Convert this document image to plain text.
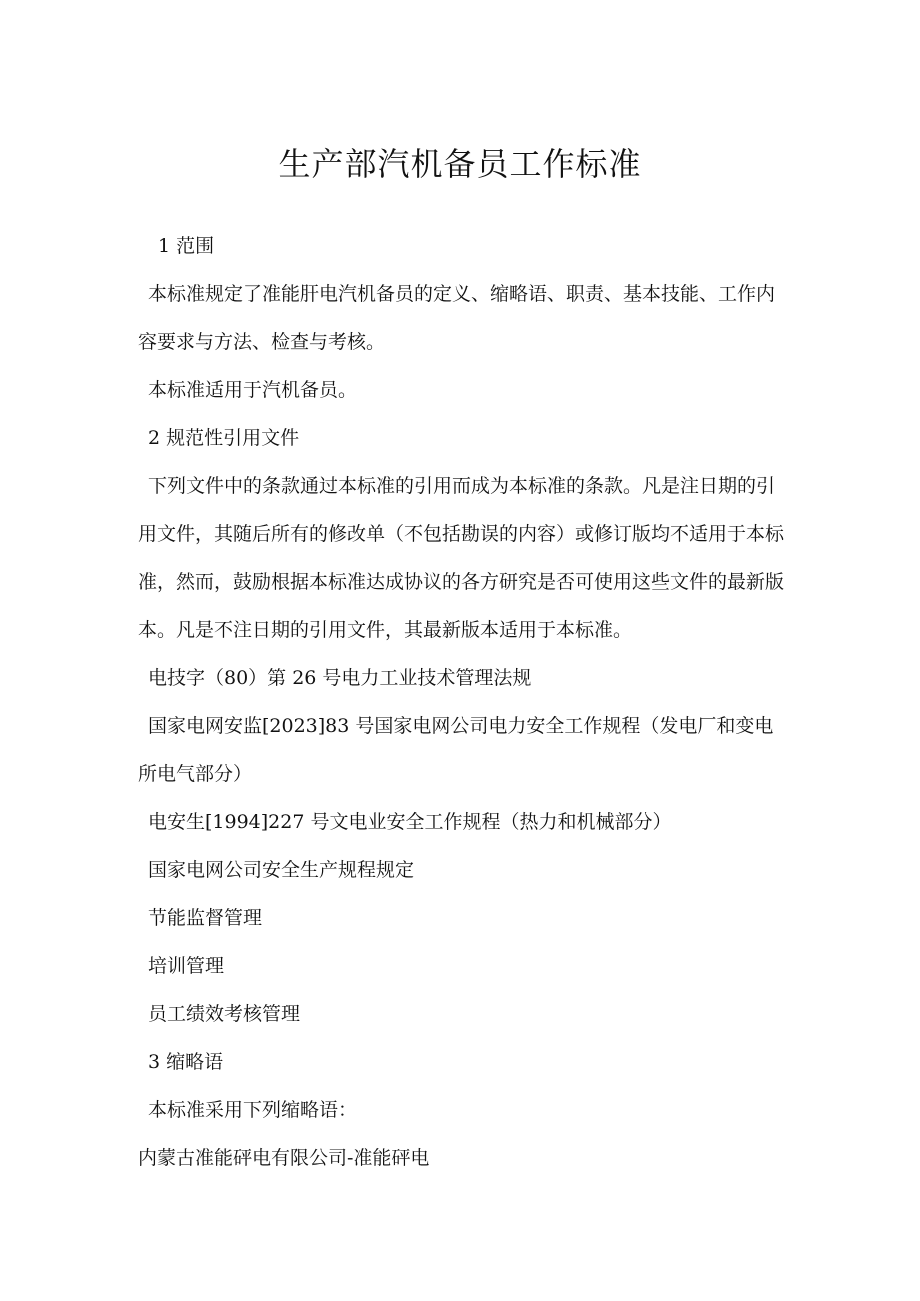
生产部汽机备员工作标准

1 范围

本标准规定了准能肝电汽机备员的定义、缩略语、职责、基本技能、工作内容要求与方法、检查与考核。

本标准适用于汽机备员。

2 规范性引用文件

下列文件中的条款通过本标准的引用而成为本标准的条款。凡是注日期的引用文件，其随后所有的修改单（不包括勘误的内容）或修订版均不适用于本标准，然而，鼓励根据本标准达成协议的各方研究是否可使用这些文件的最新版本。凡是不注日期的引用文件，其最新版本适用于本标准。

电技字（80）第 26 号电力工业技术管理法规

国家电网安监[2023]83 号国家电网公司电力安全工作规程（发电厂和变电所电气部分）

电安生[1994]227 号文电业安全工作规程（热力和机械部分）

国家电网公司安全生产规程规定

节能监督管理

培训管理

员工绩效考核管理

3 缩略语

本标准采用下列缩略语：

内蒙古准能砰电有限公司-准能砰电
